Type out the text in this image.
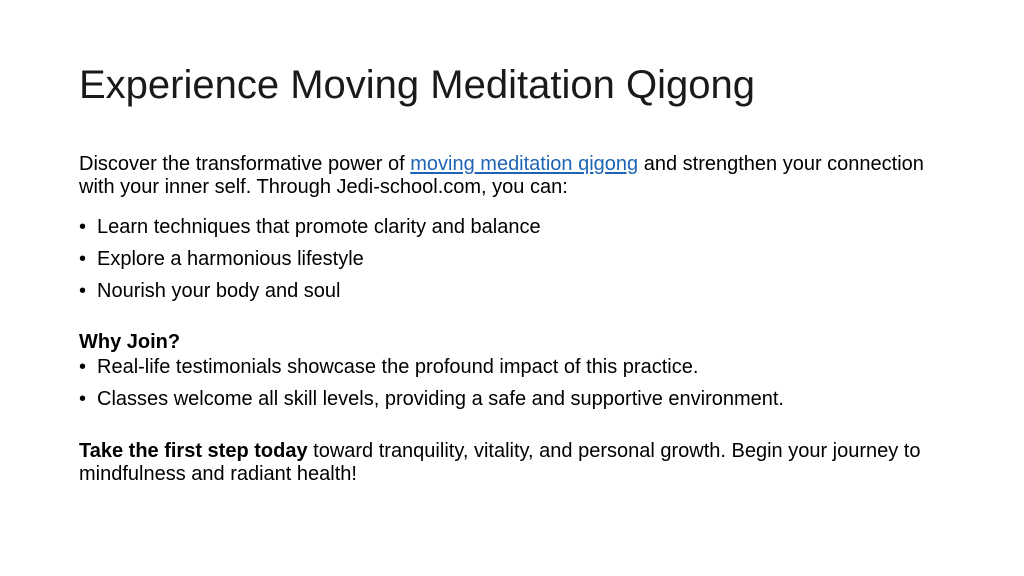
Experience Moving Meditation Qigong

Discover the transformative power of moving meditation qigong and strengthen your connection with your inner self. Through Jedi-school.com, you can:

• Learn techniques that promote clarity and balance
• Explore a harmonious lifestyle
• Nourish your body and soul

Why Join?

• Real-life testimonials showcase the profound impact of this practice.
• Classes welcome all skill levels, providing a safe and supportive environment.

Take the first step today toward tranquility, vitality, and personal growth. Begin your journey to mindfulness and radiant health!
